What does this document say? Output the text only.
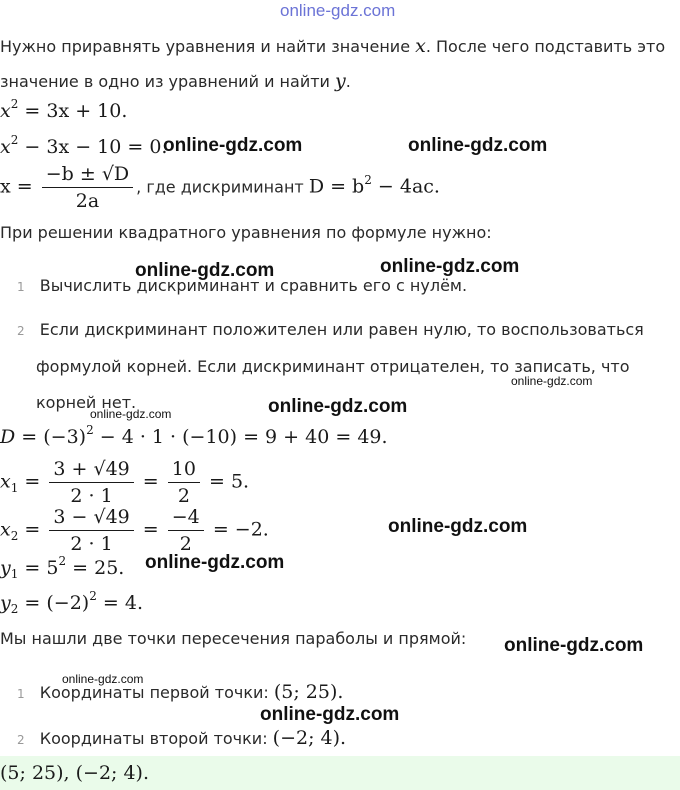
online-gdz.com
Нужно приравнять уравнения и найти значение x. После чего подставить это
значение в одно из уравнений и найти y.
$x^2 = 3x + 10$.
$x^2 - 3x - 10 = 0$.
$x = \frac{-b \pm √D}{2a}$ , где дискриминант $D = b^2 - 4ac$.
При решении квадратного уравнения по формуле нужно:
1 Вычислить дискриминант и сравнить его с нулём.
2 Если дискриминант положителен или равен нулю, то воспользоваться
формулой корней. Если дискриминант отрицателен, то записать, что
корней нет.
$D = (-3)^2 - 4 \cdot 1 \cdot (-10) = 9 + 40 = 49$.
$x_1 = \frac{3 + √49}{2 \cdot 1} = \frac{10}{2} = 5$.
$x_2 = \frac{3 - √49}{2 \cdot 1} = \frac{-4}{2} = -2$.
$y_1 = 5^2 = 25$.
$y_2 = (-2)^2 = 4$.
Мы нашли две точки пересечения параболы и прямой:
1 Координаты первой точки: (5; 25).
2 Координаты второй точки: (−2; 4).
(5; 25), (−2; 4).
online-gdz.com	online-gdz.com
online-gdz.com	online-gdz.com
online-gdz.com
online-gdz.com	online-gdz.com
online-gdz.com
online-gdz.com
online-gdz.com
online-gdz.com
online-gdz.com
